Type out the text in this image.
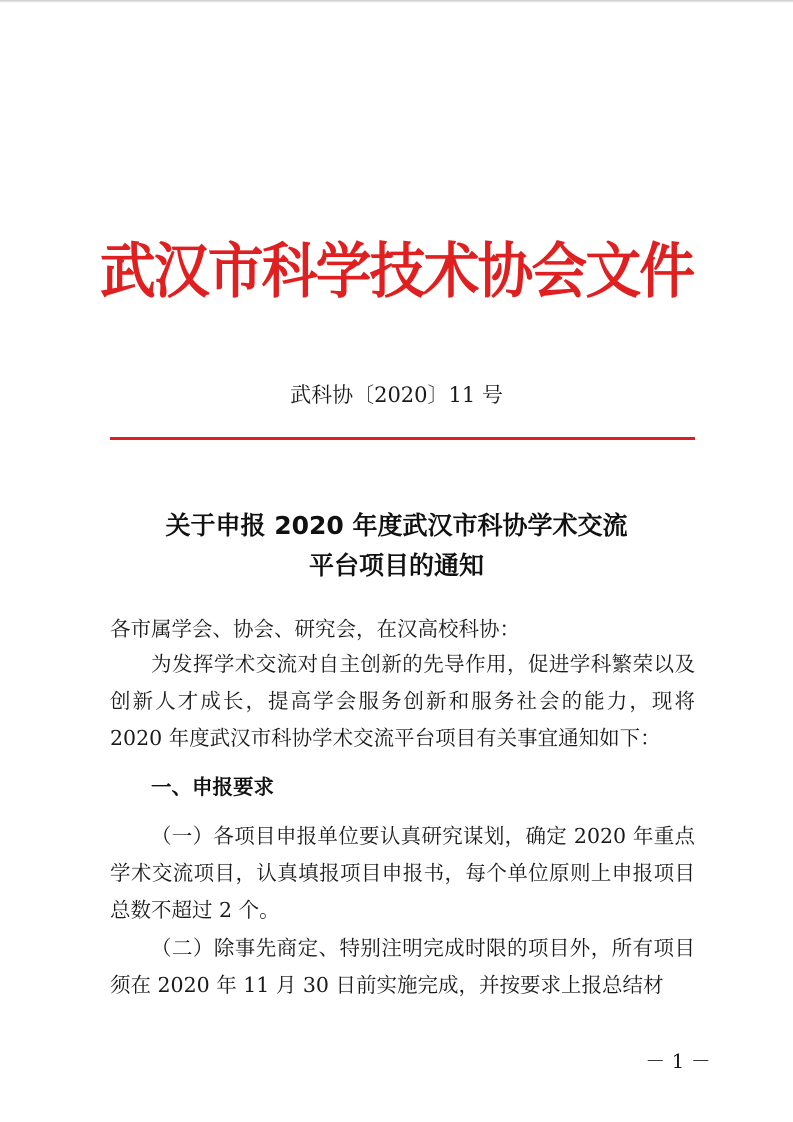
武汉市科学技术协会文件
武科协〔2020〕11 号
关于申报 2020 年度武汉市科协学术交流
平台项目的通知
各市属学会、协会、研究会，在汉高校科协：
为发挥学术交流对自主创新的先导作用，促进学科繁荣以及创新人才成长，提高学会服务创新和服务社会的能力，现将2020 年度武汉市科协学术交流平台项目有关事宜通知如下：
一、申报要求
（一）各项目申报单位要认真研究谋划，确定 2020 年重点学术交流项目，认真填报项目申报书，每个单位原则上申报项目总数不超过 2 个。
（二）除事先商定、特别注明完成时限的项目外，所有项目须在 2020 年 11 月 30 日前实施完成，并按要求上报总结材
－ 1 －
